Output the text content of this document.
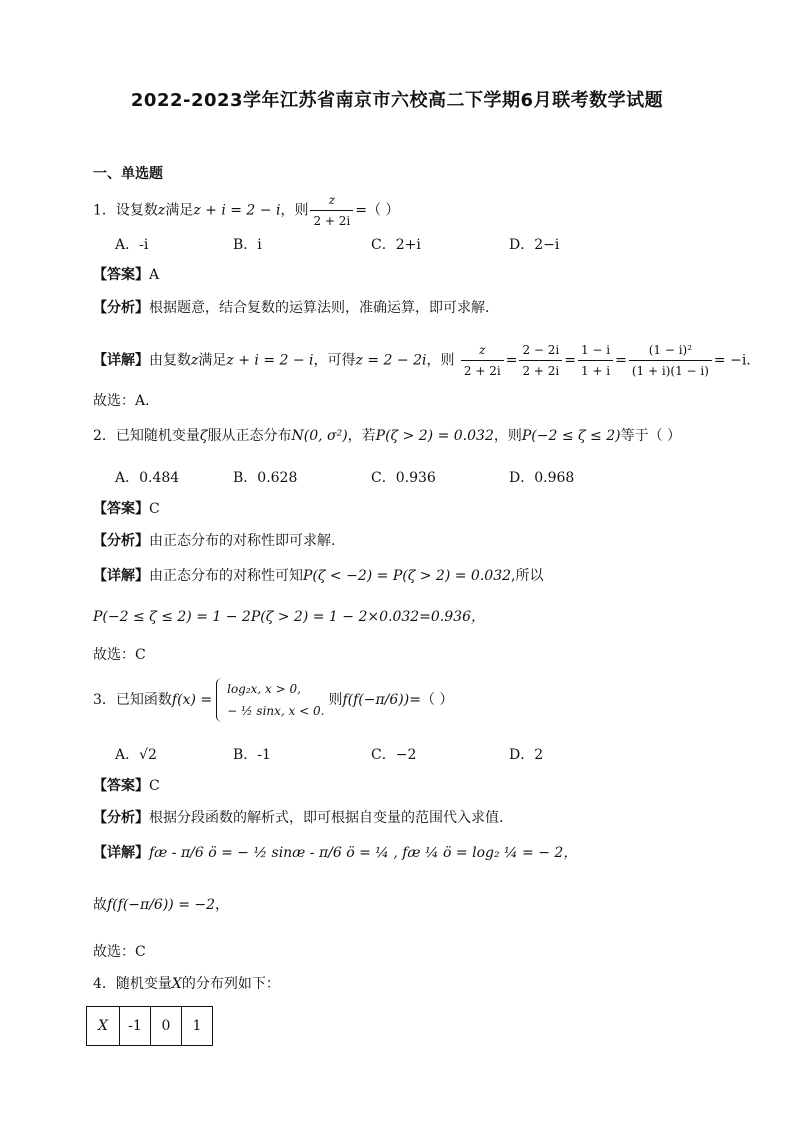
2022-2023学年江苏省南京市六校高二下学期6月联考数学试题
一、单选题
1．设复数z满足z + i = 2 − i，则 $\frac{z}{2 + 2i}$ =（ ）
A．-i	B．i	C．2+i	D．2−i
【答案】A
【分析】根据题意，结合复数的运算法则，准确运算，即可求解.
【详解】由复数z满足z + i = 2 − i，可得z = 2 − 2i，则 $\frac{z}{2 + 2i} = \frac{2 - 2i}{2 + 2i} = \frac{1 - i}{1 + i} = \frac{\text{(1 − i)²}}{(1 + i)(1 - i)} = -i$.
故选：A.
2．已知随机变量ζ服从正态分布N(0, σ²)，若P(ζ > 2) = 0.032，则P(−2 ≤ ζ ≤ 2)等于（ ）
A．0.484	B．0.628	C．0.936	D．0.968
【答案】C
【分析】由正态分布的对称性即可求解.
【详解】由正态分布的对称性可知P(ζ < −2) = P(ζ > 2) = 0.032,所以
P(−2 ≤ ζ ≤ 2) = 1 − 2P(ζ > 2) = 1 − 2×0.032=0.936，
故选：C
3．已知函数f(x) =
log₂x, x > 0,
− ½ sinx, x < 0.
则f(f(−π/6))=（ ）
A．√2	B．-1	C．−2	D．2
【答案】C
【分析】根据分段函数的解析式，即可根据自变量的范围代入求值.
【详解】fæ - π/6 ö = − ½ sinæ - π/6 ö = ¼ , fæ ¼ ö = log₂ ¼ = − 2，
故f(f(−π/6)) = −2，
故选：C
4．随机变量X的分布列如下：
X	-1	0	1
